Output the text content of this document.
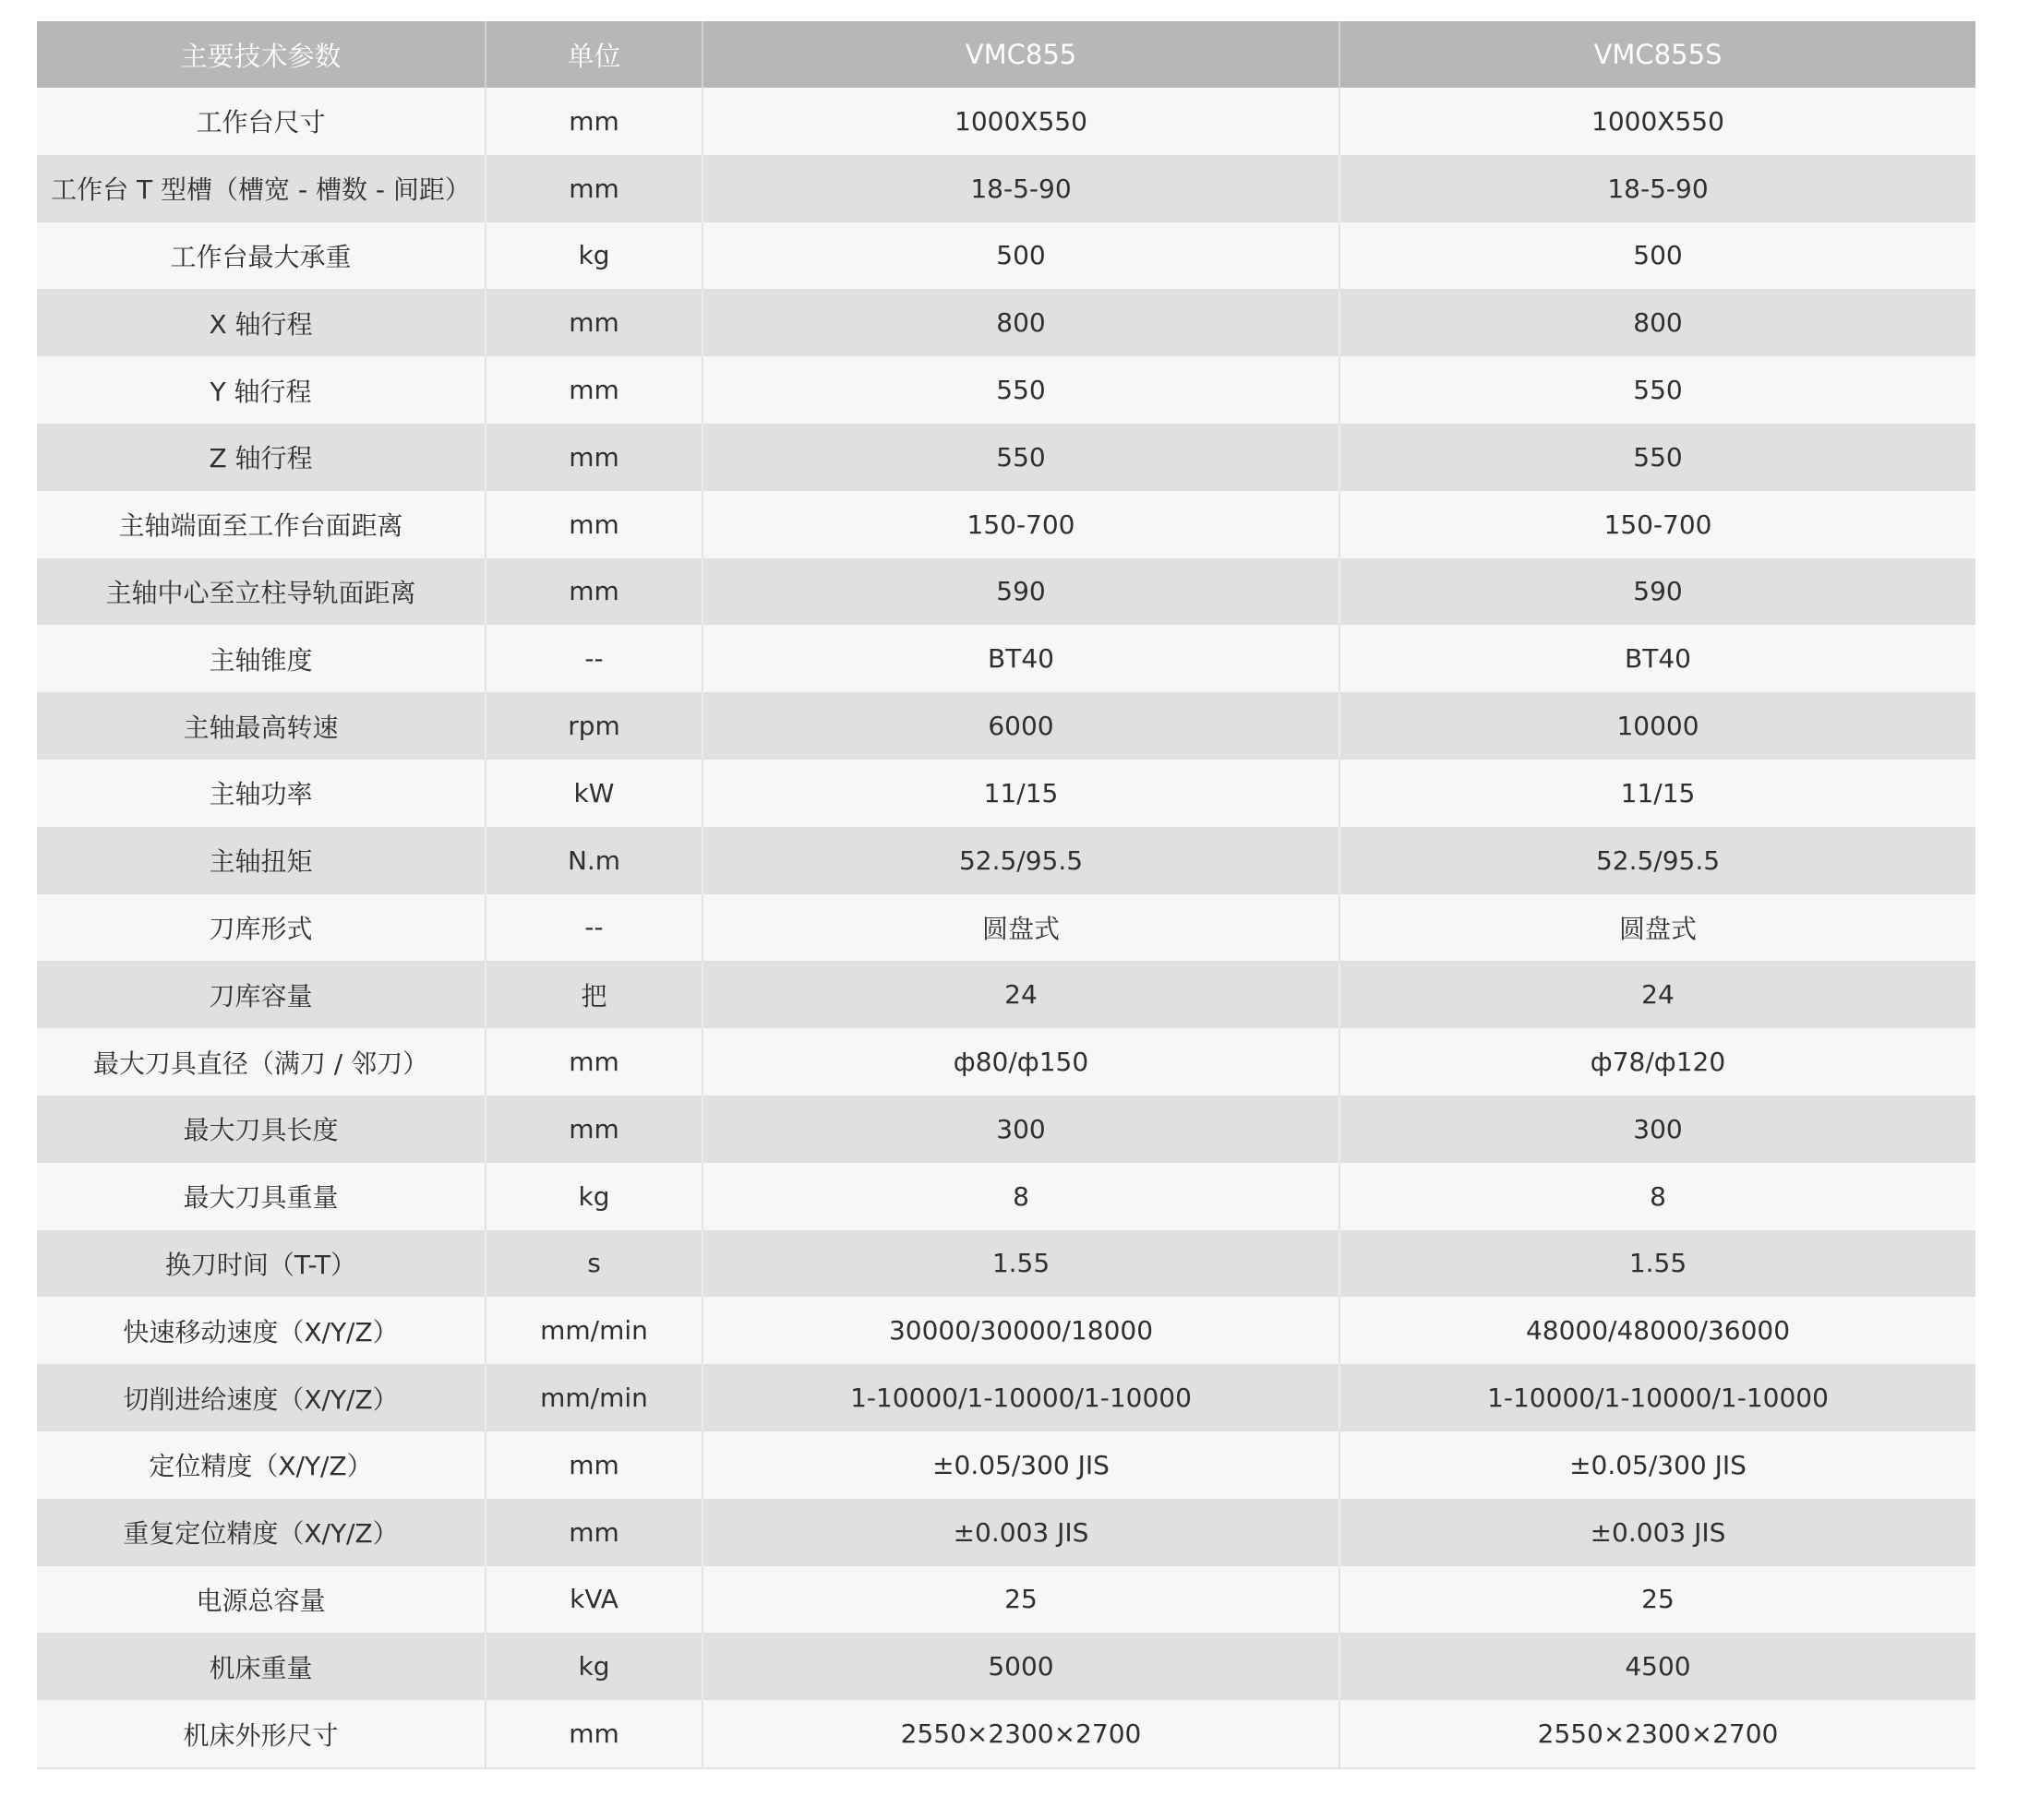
主要技术参数	单位	VMC855	VMC855S
工作台尺寸	mm	1000X550	1000X550
工作台 T 型槽（槽宽 - 槽数 - 间距）	mm	18-5-90	18-5-90
工作台最大承重	kg	500	500
X 轴行程	mm	800	800
Y 轴行程	mm	550	550
Z 轴行程	mm	550	550
主轴端面至工作台面距离	mm	150-700	150-700
主轴中心至立柱导轨面距离	mm	590	590
主轴锥度	--	BT40	BT40
主轴最高转速	rpm	6000	10000
主轴功率	kW	11/15	11/15
主轴扭矩	N.m	52.5/95.5	52.5/95.5
刀库形式	--	圆盘式	圆盘式
刀库容量	把	24	24
最大刀具直径（满刀 / 邻刀）	mm	ф80/ф150	ф78/ф120
最大刀具长度	mm	300	300
最大刀具重量	kg	8	8
换刀时间（T-T）	s	1.55	1.55
快速移动速度（X/Y/Z）	mm/min	30000/30000/18000	48000/48000/36000
切削进给速度（X/Y/Z）	mm/min	1-10000/1-10000/1-10000	1-10000/1-10000/1-10000
定位精度（X/Y/Z）	mm	±0.05/300 JIS	±0.05/300 JIS
重复定位精度（X/Y/Z）	mm	±0.003 JIS	±0.003 JIS
电源总容量	kVA	25	25
机床重量	kg	5000	4500
机床外形尺寸	mm	2550×2300×2700	2550×2300×2700
